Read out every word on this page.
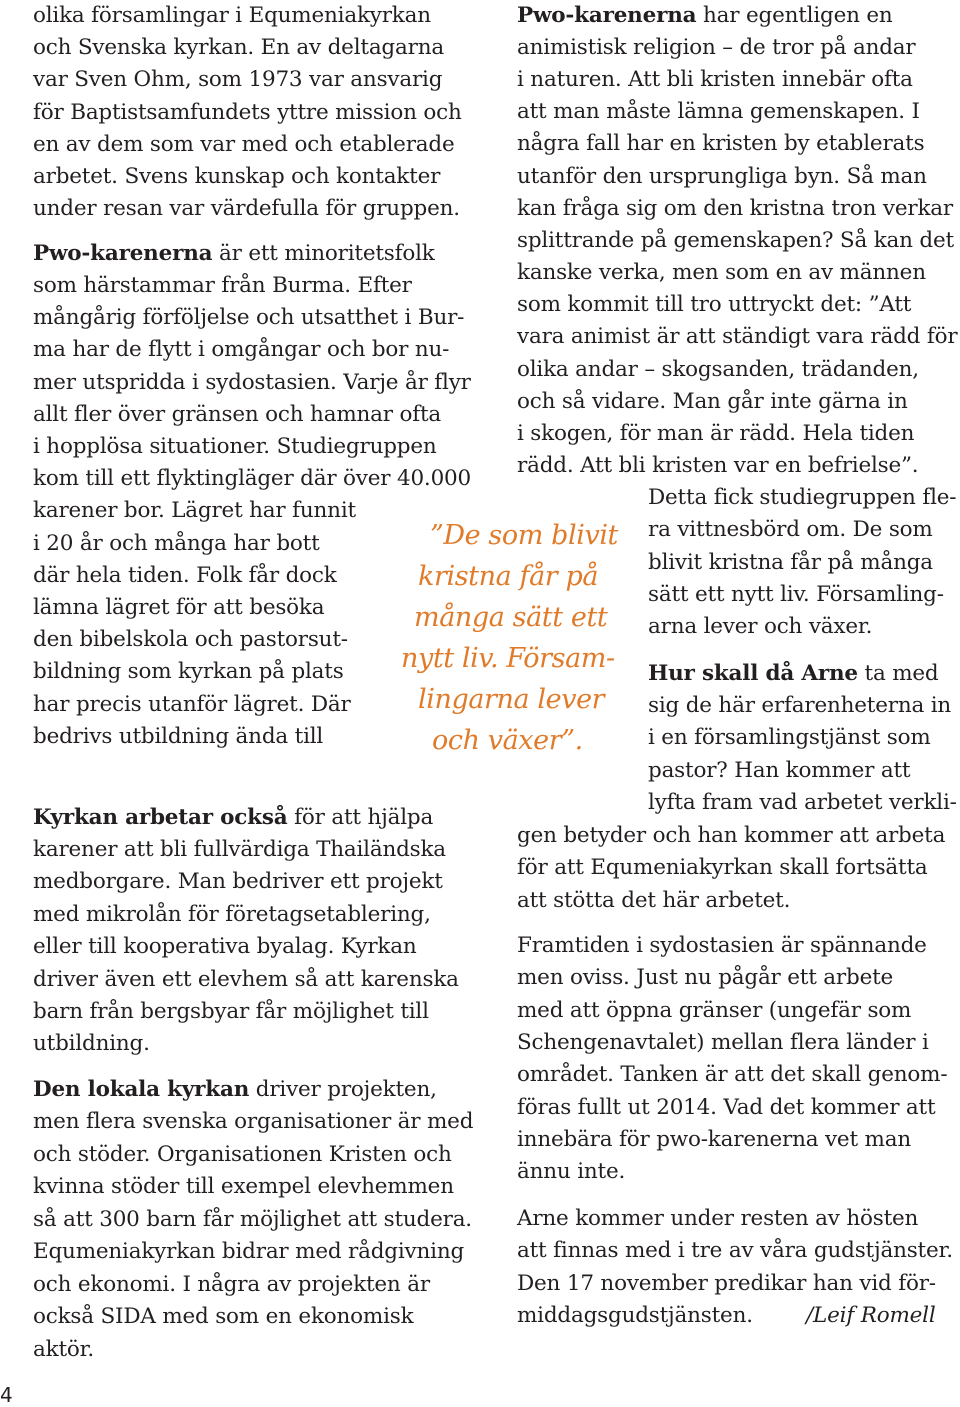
olika församlingar i Equmeniakyrkan
och Svenska kyrkan. En av deltagarna
var Sven Ohm, som 1973 var ansvarig
för Baptistsamfundets yttre mission och
en av dem som var med och etablerade
arbetet. Svens kunskap och kontakter
under resan var värdefulla för gruppen.
Pwo-karenerna är ett minoritetsfolk
som härstammar från Burma. Efter
mångårig förföljelse och utsatthet i Bur-
ma har de flytt i omgångar och bor nu-
mer utspridda i sydostasien. Varje år flyr
allt fler över gränsen och hamnar ofta
i hopplösa situationer. Studiegruppen
kom till ett flyktingläger där över 40.000
karener bor. Lägret har funnit
i 20 år och många har bott
där hela tiden. Folk får dock
lämna lägret för att besöka
den bibelskola och pastorsut-
bildning som kyrkan på plats
har precis utanför lägret. Där
bedrivs utbildning ända till
Kyrkan arbetar också för att hjälpa
karener att bli fullvärdiga Thailändska
medborgare. Man bedriver ett projekt
med mikrolån för företagsetablering,
eller till kooperativa byalag. Kyrkan
driver även ett elevhem så att karenska
barn från bergsbyar får möjlighet till
utbildning.
Den lokala kyrkan driver projekten,
men flera svenska organisationer är med
och stöder. Organisationen Kristen och
kvinna stöder till exempel elevhemmen
så att 300 barn får möjlighet att studera.
Equmeniakyrkan bidrar med rådgivning
och ekonomi. I några av projekten är
också SIDA med som en ekonomisk
aktör.
”De som blivit
kristna får på
många sätt ett
nytt liv. Försam-
lingarna lever
och växer”.
Pwo-karenerna har egentligen en
animistisk religion – de tror på andar
i naturen. Att bli kristen innebär ofta
att man måste lämna gemenskapen. I
några fall har en kristen by etablerats
utanför den ursprungliga byn. Så man
kan fråga sig om den kristna tron verkar
splittrande på gemenskapen? Så kan det
kanske verka, men som en av männen
som kommit till tro uttryckt det: ”Att
vara animist är att ständigt vara rädd för
olika andar – skogsanden, trädanden,
och så vidare. Man går inte gärna in
i skogen, för man är rädd. Hela tiden
rädd. Att bli kristen var en befrielse”.
Detta fick studiegruppen fle-
ra vittnesbörd om. De som
blivit kristna får på många
sätt ett nytt liv. Församling-
arna lever och växer.
Hur skall då Arne ta med
sig de här erfarenheterna in
i en församlingstjänst som
pastor? Han kommer att
lyfta fram vad arbetet verkli-
gen betyder och han kommer att arbeta
för att Equmeniakyrkan skall fortsätta
att stötta det här arbetet.
Framtiden i sydostasien är spännande
men oviss. Just nu pågår ett arbete
med att öppna gränser (ungefär som
Schengenavtalet) mellan flera länder i
området. Tanken är att det skall genom-
föras fullt ut 2014. Vad det kommer att
innebära för pwo-karenerna vet man
ännu inte.
Arne kommer under resten av hösten
att finnas med i tre av våra gudstjänster.
Den 17 november predikar han vid för-
middagsgudstjänsten. /Leif Romell
4
